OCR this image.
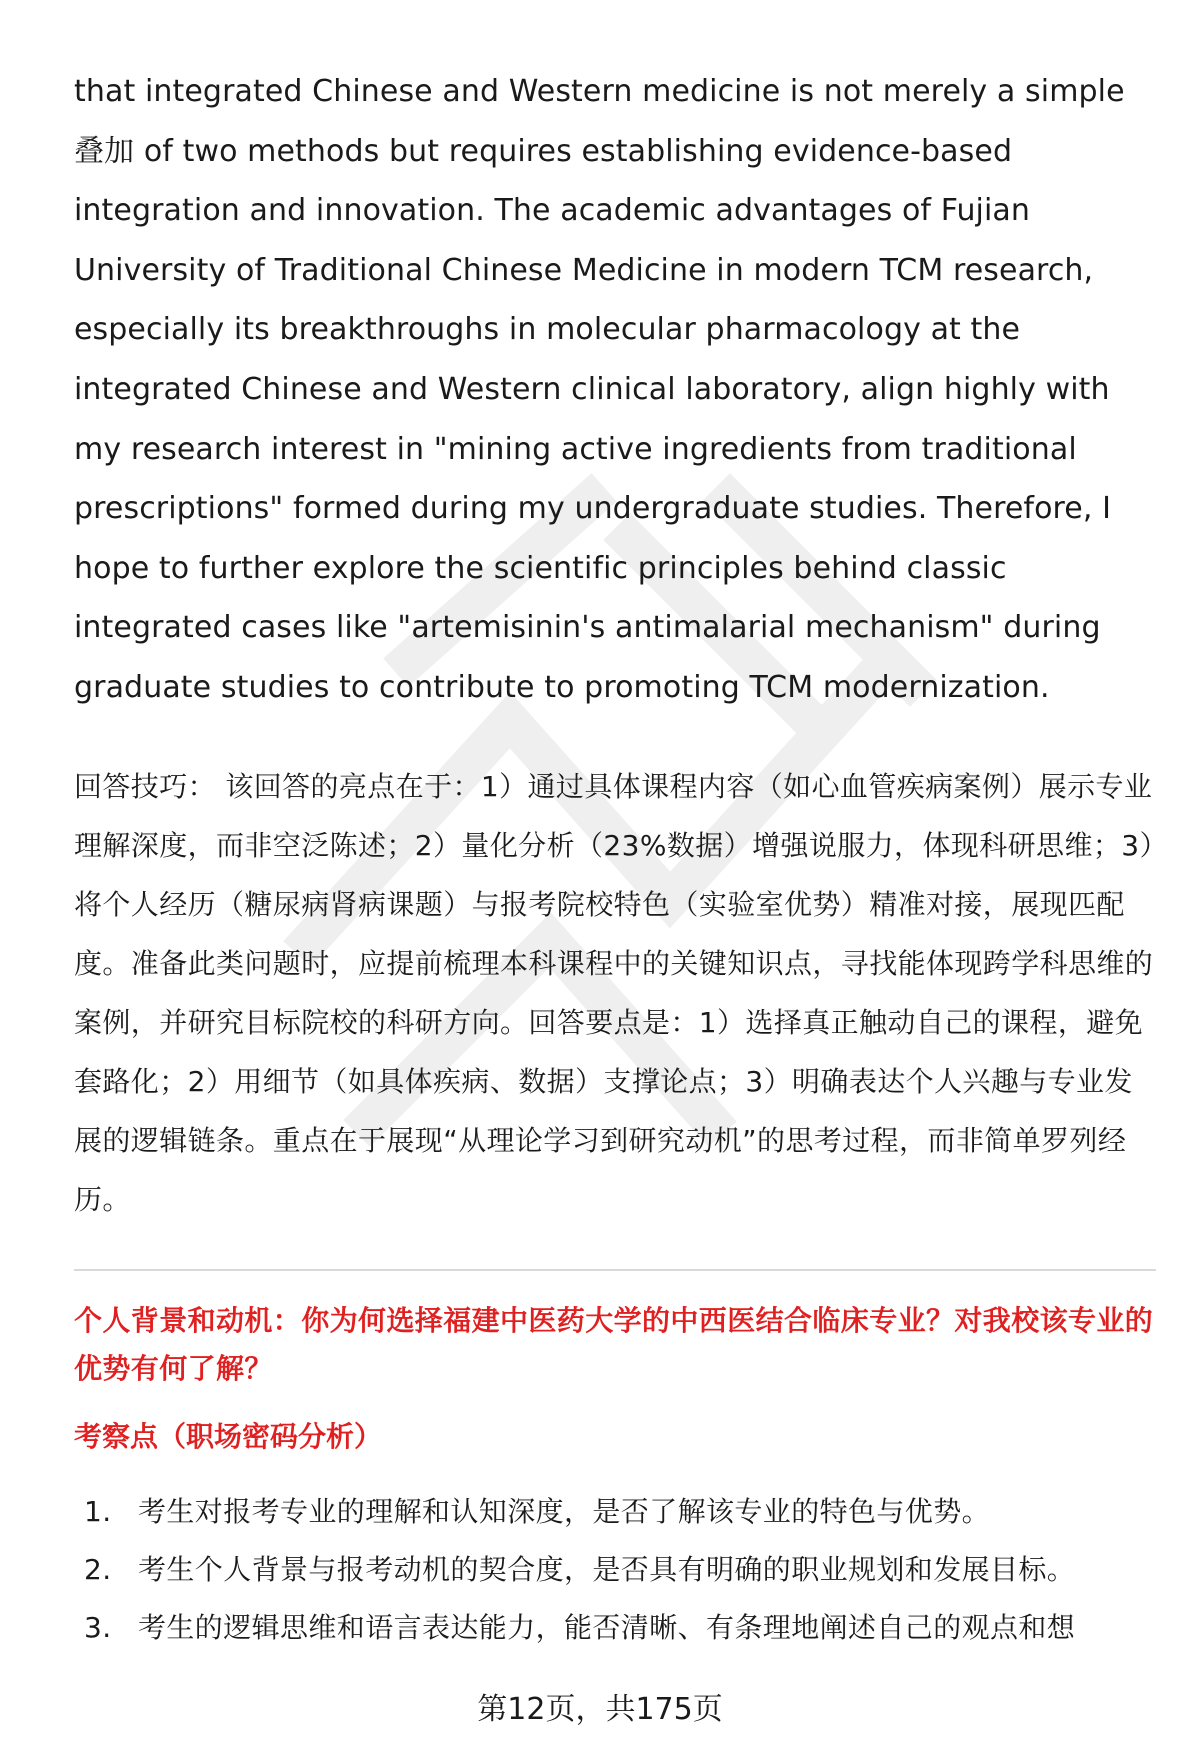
that integrated Chinese and Western medicine is not merely a simple叠加 of two methods but requires establishing evidence-based integration and innovation. The academic advantages of Fujian University of Traditional Chinese Medicine in modern TCM research, especially its breakthroughs in molecular pharmacology at the integrated Chinese and Western clinical laboratory, align highly with my research interest in "mining active ingredients from traditional prescriptions" formed during my undergraduate studies. Therefore, I hope to further explore the scientific principles behind classic integrated cases like "artemisinin's antimalarial mechanism" during graduate studies to contribute to promoting TCM modernization.

回答技巧： 该回答的亮点在于：1）通过具体课程内容（如心血管疾病案例）展示专业理解深度，而非空泛陈述；2）量化分析（23%数据）增强说服力，体现科研思维；3）将个人经历（糖尿病肾病课题）与报考院校特色（实验室优势）精准对接，展现匹配度。准备此类问题时，应提前梳理本科课程中的关键知识点，寻找能体现跨学科思维的案例，并研究目标院校的科研方向。回答要点是：1）选择真正触动自己的课程，避免套路化；2）用细节（如具体疾病、数据）支撑论点；3）明确表达个人兴趣与专业发展的逻辑链条。重点在于展现“从理论学习到研究动机”的思考过程，而非简单罗列经历。

个人背景和动机：你为何选择福建中医药大学的中西医结合临床专业？对我校该专业的优势有何了解？
考察点（职场密码分析）
1. 考生对报考专业的理解和认知深度，是否了解该专业的特色与优势。
2. 考生个人背景与报考动机的契合度，是否具有明确的职业规划和发展目标。
3. 考生的逻辑思维和语言表达能力，能否清晰、有条理地阐述自己的观点和想
第12页，共175页
